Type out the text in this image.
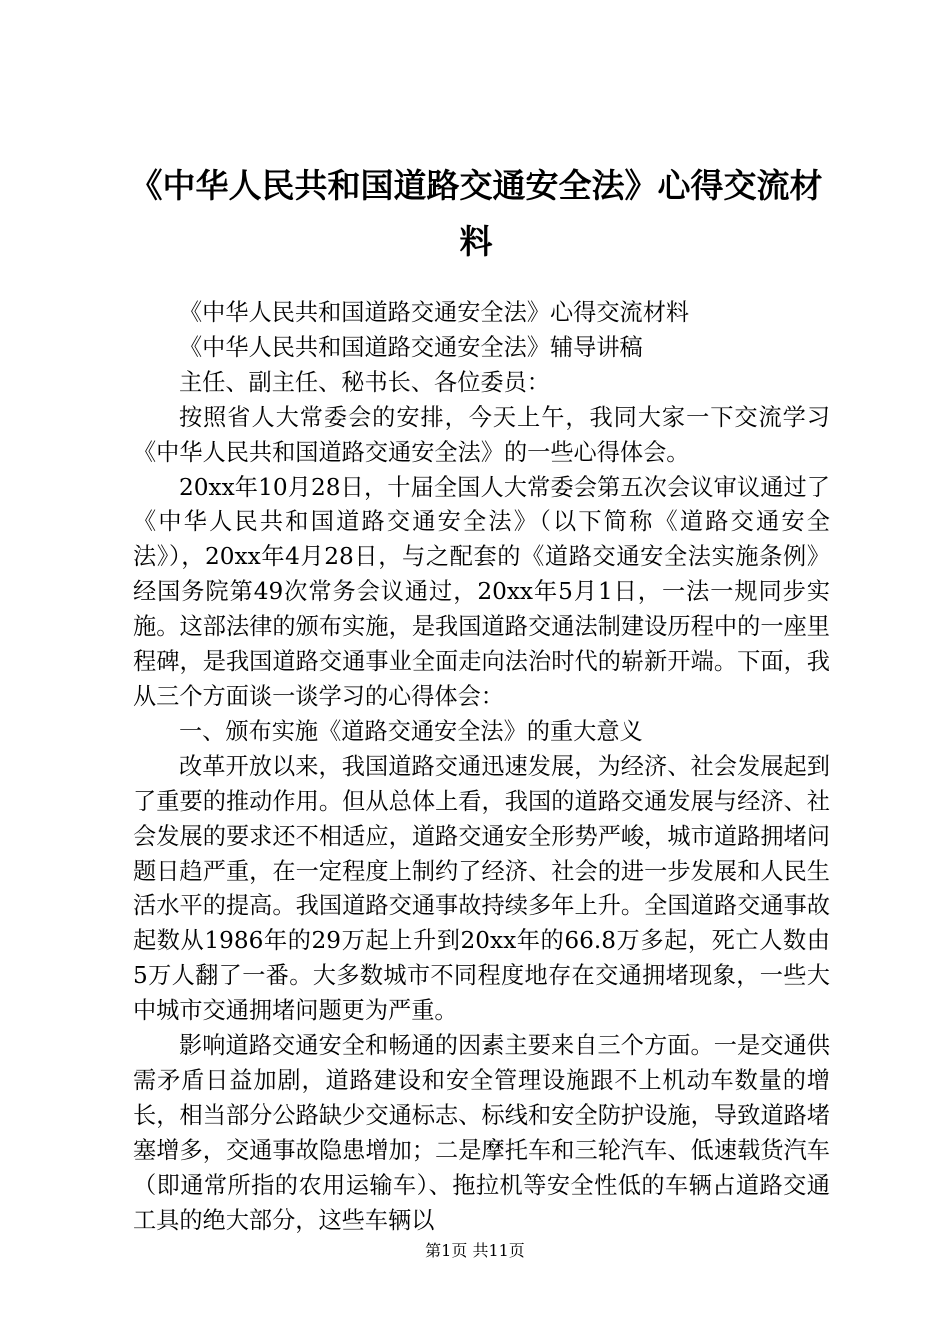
《中华人民共和国道路交通安全法》心得交流材料

《中华人民共和国道路交通安全法》心得交流材料

《中华人民共和国道路交通安全法》辅导讲稿

主任、副主任、秘书长、各位委员：

按照省人大常委会的安排，今天上午，我同大家一下交流学习《中华人民共和国道路交通安全法》的一些心得体会。

20xx年10月28日，十届全国人大常委会第五次会议审议通过了《中华人民共和国道路交通安全法》（以下简称《道路交通安全法》），20xx年4月28日，与之配套的《道路交通安全法实施条例》经国务院第49次常务会议通过，20xx年5月1日，一法一规同步实施。这部法律的颁布实施，是我国道路交通法制建设历程中的一座里程碑，是我国道路交通事业全面走向法治时代的崭新开端。下面，我从三个方面谈一谈学习的心得体会：

一、颁布实施《道路交通安全法》的重大意义

改革开放以来，我国道路交通迅速发展，为经济、社会发展起到了重要的推动作用。但从总体上看，我国的道路交通发展与经济、社会发展的要求还不相适应，道路交通安全形势严峻，城市道路拥堵问题日趋严重，在一定程度上制约了经济、社会的进一步发展和人民生活水平的提高。我国道路交通事故持续多年上升。全国道路交通事故起数从1986年的29万起上升到20xx年的66.8万多起，死亡人数由5万人翻了一番。大多数城市不同程度地存在交通拥堵现象，一些大中城市交通拥堵问题更为严重。

影响道路交通安全和畅通的因素主要来自三个方面。一是交通供需矛盾日益加剧，道路建设和安全管理设施跟不上机动车数量的增长，相当部分公路缺少交通标志、标线和安全防护设施，导致道路堵塞增多，交通事故隐患增加；二是摩托车和三轮汽车、低速载货汽车（即通常所指的农用运输车）、拖拉机等安全性低的车辆占道路交通工具的绝大部分，这些车辆以

第1页 共11页
